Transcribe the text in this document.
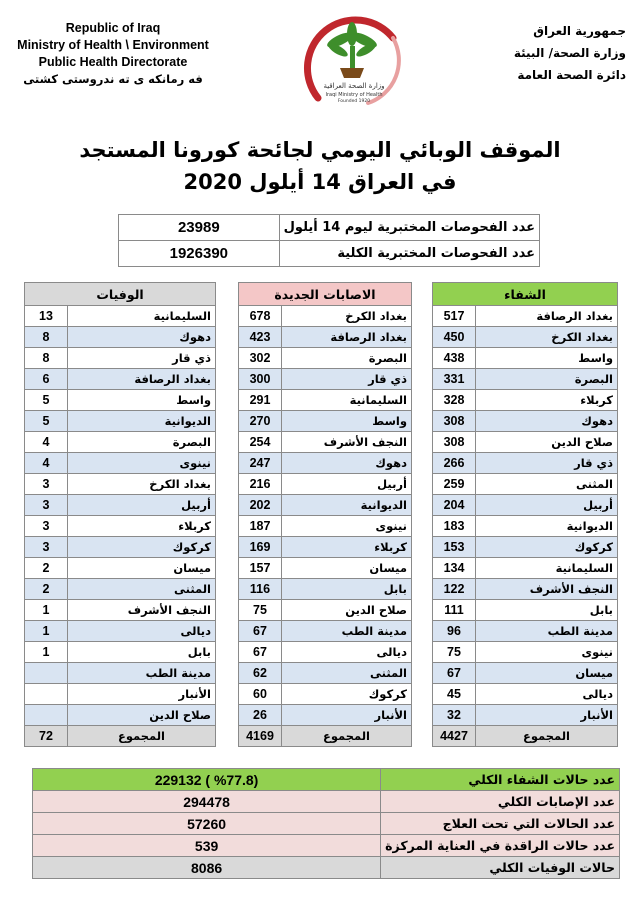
Republic of Iraq
Ministry of Health \ Environment
Public Health Directorate
فه رمانكه ى ته ندروستى كشتى	وزارة الصحة العراقية
Iraqi Ministry of Health
Founded 1920
جمهورية العراق
وزارة الصحة/ البيئة
دائرة الصحة العامة
الموقف الوبائي اليومي لجائحة كورونا المستجد
في العراق 14 أيلول 2020
23989	عدد الفحوصات المختبرية ليوم 14 أيلول
1926390	عدد الفحوصات المختبرية الكلية
الوفيات	
13	السليمانية
8	دهوك
8	ذي قار
6	بغداد الرصافة
5	واسط
5	الديوانية
4	البصرة
4	نينوى
3	بغداد الكرخ
3	أربيل
3	كربلاء
3	كركوك
2	ميسان
2	المثنى
1	النجف الأشرف
1	ديالى
1	بابل
	مدينة الطب
	الأنبار
	صلاح الدين
72	المجموع
الاصابات الجديدة	
678	بغداد الكرخ
423	بغداد الرصافة
302	البصرة
300	ذي قار
291	السليمانية
270	واسط
254	النجف الأشرف
247	دهوك
216	أربيل
202	الديوانية
187	نينوى
169	كربلاء
157	ميسان
116	بابل
75	صلاح الدين
67	مدينة الطب
67	ديالى
62	المثنى
60	كركوك
26	الأنبار
4169	المجموع
الشفاء	
517	بغداد الرصافة
450	بغداد الكرخ
438	واسط
331	البصرة
328	كربلاء
308	دهوك
308	صلاح الدين
266	ذي قار
259	المثنى
204	أربيل
183	الديوانية
153	كركوك
134	السليمانية
122	النجف الأشرف
111	بابل
96	مدينة الطب
75	نينوى
67	ميسان
45	ديالى
32	الأنبار
4427	المجموع
229132 ( %77.8)	عدد حالات الشفاء الكلي
294478	عدد الإصابات الكلي
57260	عدد الحالات التي تحت العلاج
539	عدد حالات الراقدة في العناية المركزة
8086	حالات الوفيات الكلي
